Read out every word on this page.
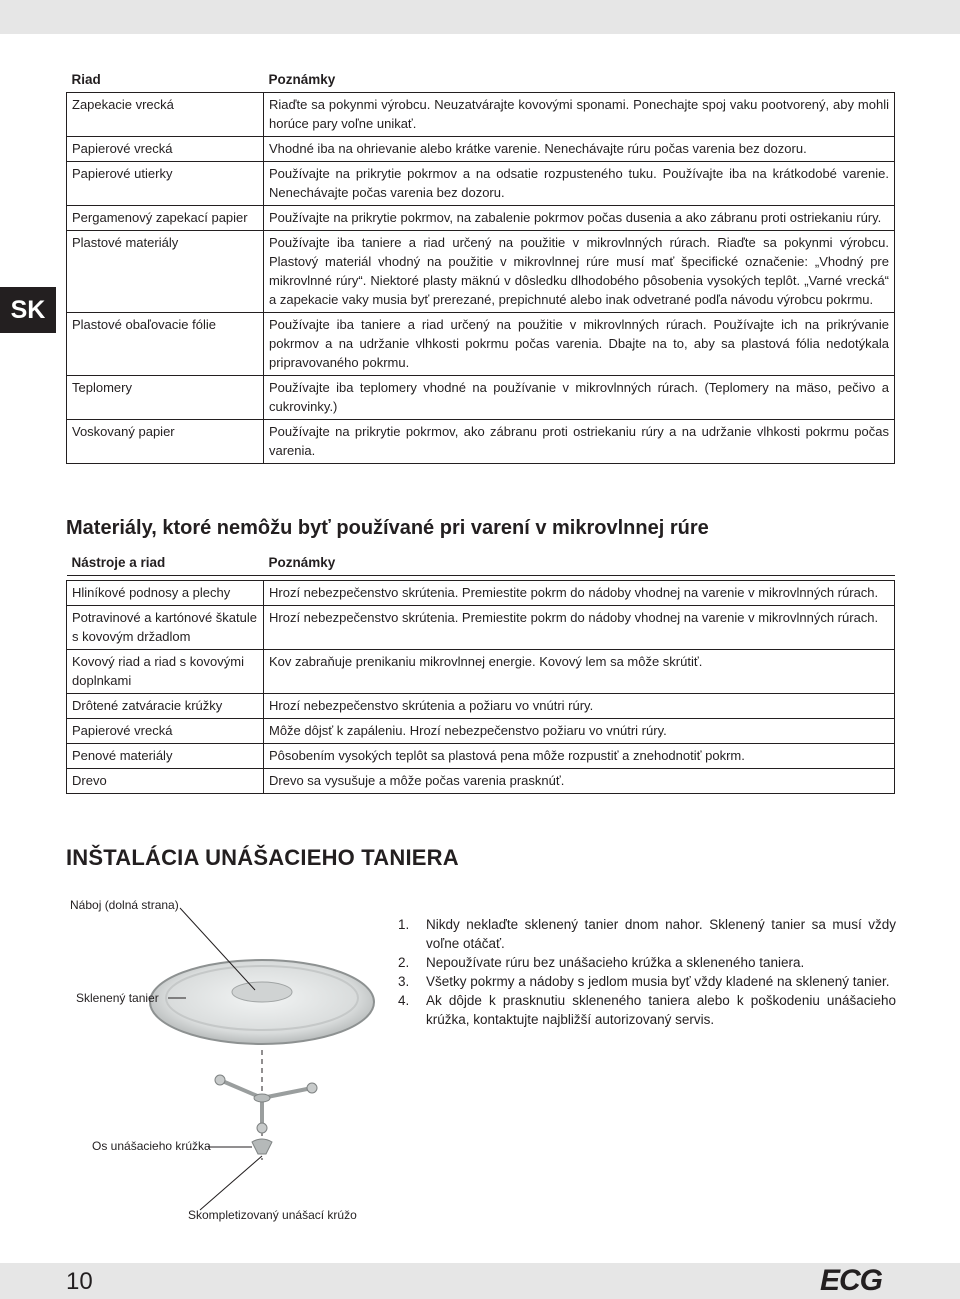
SK
Riad	Poznámky
Zapekacie vrecká	Riaďte sa pokynmi výrobcu. Neuzatvárajte kovovými sponami. Ponechajte spoj vaku pootvorený, aby mohli horúce pary voľne unikať.
Papierové vrecká	Vhodné iba na ohrievanie alebo krátke varenie. Nenechávajte rúru počas varenia bez dozoru.
Papierové utierky	Používajte na prikrytie pokrmov a na odsatie rozpusteného tuku. Používajte iba na krátkodobé varenie. Nenechávajte počas varenia bez dozoru.
Pergamenový zapekací papier	Používajte na prikrytie pokrmov, na zabalenie pokrmov počas dusenia a ako zábranu proti ostriekaniu rúry.
Plastové materiály	Používajte iba taniere a riad určený na použitie v mikrovlnných rúrach. Riaďte sa pokynmi výrobcu. Plastový materiál vhodný na použitie v mikrovlnnej rúre musí mať špecifické označenie: „Vhodný pre mikrovlnné rúry“. Niektoré plasty mäknú v dôsledku dlhodobého pôsobenia vysokých teplôt. „Varné vrecká“ a zapekacie vaky musia byť prerezané, prepichnuté alebo inak odvetrané podľa návodu výrobcu pokrmu.
Plastové obaľovacie fólie	Používajte iba taniere a riad určený na použitie v mikrovlnných rúrach. Používajte ich na prikrývanie pokrmov a na udržanie vlhkosti pokrmu počas varenia. Dbajte na to, aby sa plastová fólia nedotýkala pripravovaného pokrmu.
Teplomery	Používajte iba teplomery vhodné na používanie v mikrovlnných rúrach. (Teplomery na mäso, pečivo a cukrovinky.)
Voskovaný papier	Používajte na prikrytie pokrmov, ako zábranu proti ostriekaniu rúry a na udržanie vlhkosti pokrmu počas varenia.
Materiály, ktoré nemôžu byť používané pri varení v mikrovlnnej rúre
Nástroje a riad	Poznámky

Hliníkové podnosy a plechy	Hrozí nebezpečenstvo skrútenia. Premiestite pokrm do nádoby vhodnej na varenie v mikrovlnných rúrach.
Potravinové a kartónové škatule s kovovým držadlom	Hrozí nebezpečenstvo skrútenia. Premiestite pokrm do nádoby vhodnej na varenie v mikrovlnných rúrach.
Kovový riad a riad s kovovými doplnkami	Kov zabraňuje prenikaniu mikrovlnnej energie. Kovový lem sa môže skrútiť.
Drôtené zatváracie krúžky	Hrozí nebezpečenstvo skrútenia a požiaru vo vnútri rúry.
Papierové vrecká	Môže dôjsť k zapáleniu. Hrozí nebezpečenstvo požiaru vo vnútri rúry.
Penové materiály	Pôsobením vysokých teplôt sa plastová pena môže rozpustiť a znehodnotiť pokrm.
Drevo	Drevo sa vysušuje a môže počas varenia prasknúť.
INŠTALÁCIA UNÁŠACIEHO TANIERA
Náboj (dolná strana)
Sklenený tanier
Os unášacieho krúžka
Skompletizovaný unášací krúžo
1.	Nikdy neklaďte sklenený tanier dnom nahor. Sklenený tanier sa musí vždy voľne otáčať.
2.	Nepoužívate rúru bez unášacieho krúžka a skleneného taniera.
3.	Všetky pokrmy a nádoby s jedlom musia byť vždy kladené na sklenený tanier.
4.	Ak dôjde k prasknutiu skleneného taniera alebo k poškodeniu unášacieho krúžka, kontaktujte najbližší autorizovaný servis.
10	ECG
